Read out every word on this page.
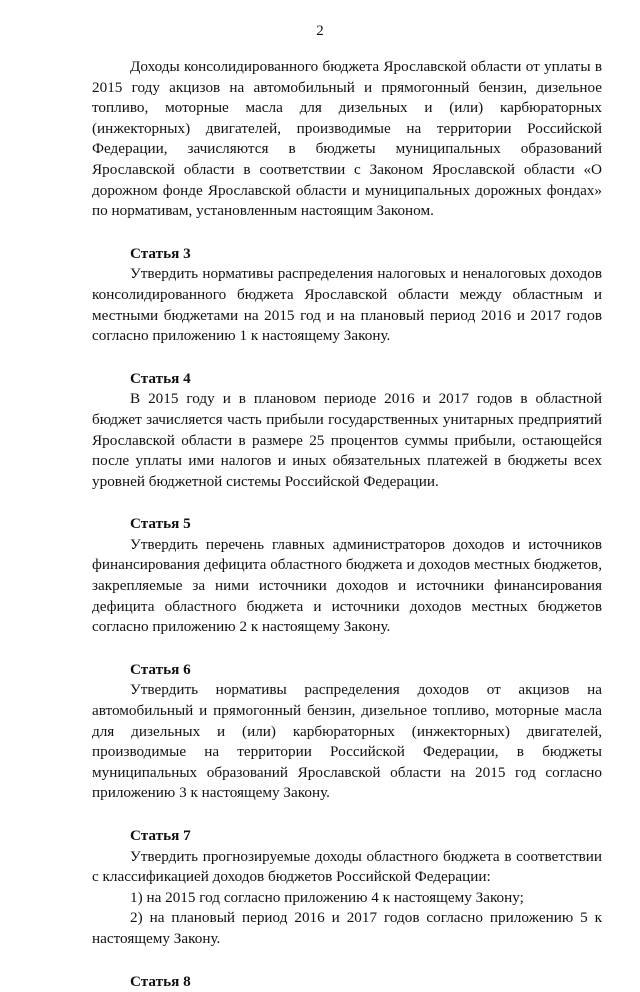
2

Доходы консолидированного бюджета Ярославской области от уплаты в 2015 году акцизов на автомобильный и прямогонный бензин, дизельное топливо, моторные масла для дизельных и (или) карбюраторных (инжекторных) двигателей, производимые на территории Российской Федерации, зачисляются в бюджеты муниципальных образований Ярославской области в соответствии с Законом Ярославской области «О дорожном фонде Ярославской области и муниципальных дорожных фондах» по нормативам, установленным настоящим Законом.

Статья 3

Утвердить нормативы распределения налоговых и неналоговых доходов консолидированного бюджета Ярославской области между областным и местными бюджетами на 2015 год и на плановый период 2016 и 2017 годов согласно приложению 1 к настоящему Закону.

Статья 4

В 2015 году и в плановом периоде 2016 и 2017 годов в областной бюджет зачисляется часть прибыли государственных унитарных предприятий Ярославской области в размере 25 процентов суммы прибыли, остающейся после уплаты ими налогов и иных обязательных платежей в бюджеты всех уровней бюджетной системы Российской Федерации.

Статья 5

Утвердить перечень главных администраторов доходов и источников финансирования дефицита областного бюджета и доходов местных бюджетов, закрепляемые за ними источники доходов и источники финансирования дефицита областного бюджета и источники доходов местных бюджетов согласно приложению 2 к настоящему Закону.

Статья 6

Утвердить нормативы распределения доходов от акцизов на автомобильный и прямогонный бензин, дизельное топливо, моторные масла для дизельных и (или) карбюраторных (инжекторных) двигателей, производимые на территории Российской Федерации, в бюджеты муниципальных образований Ярославской области на 2015 год согласно приложению 3 к настоящему Закону.

Статья 7

Утвердить прогнозируемые доходы областного бюджета в соответствии с классификацией доходов бюджетов Российской Федерации:

1) на 2015 год согласно приложению 4 к настоящему Закону;

2) на плановый период 2016 и 2017 годов согласно приложению 5 к настоящему Закону.

Статья 8
